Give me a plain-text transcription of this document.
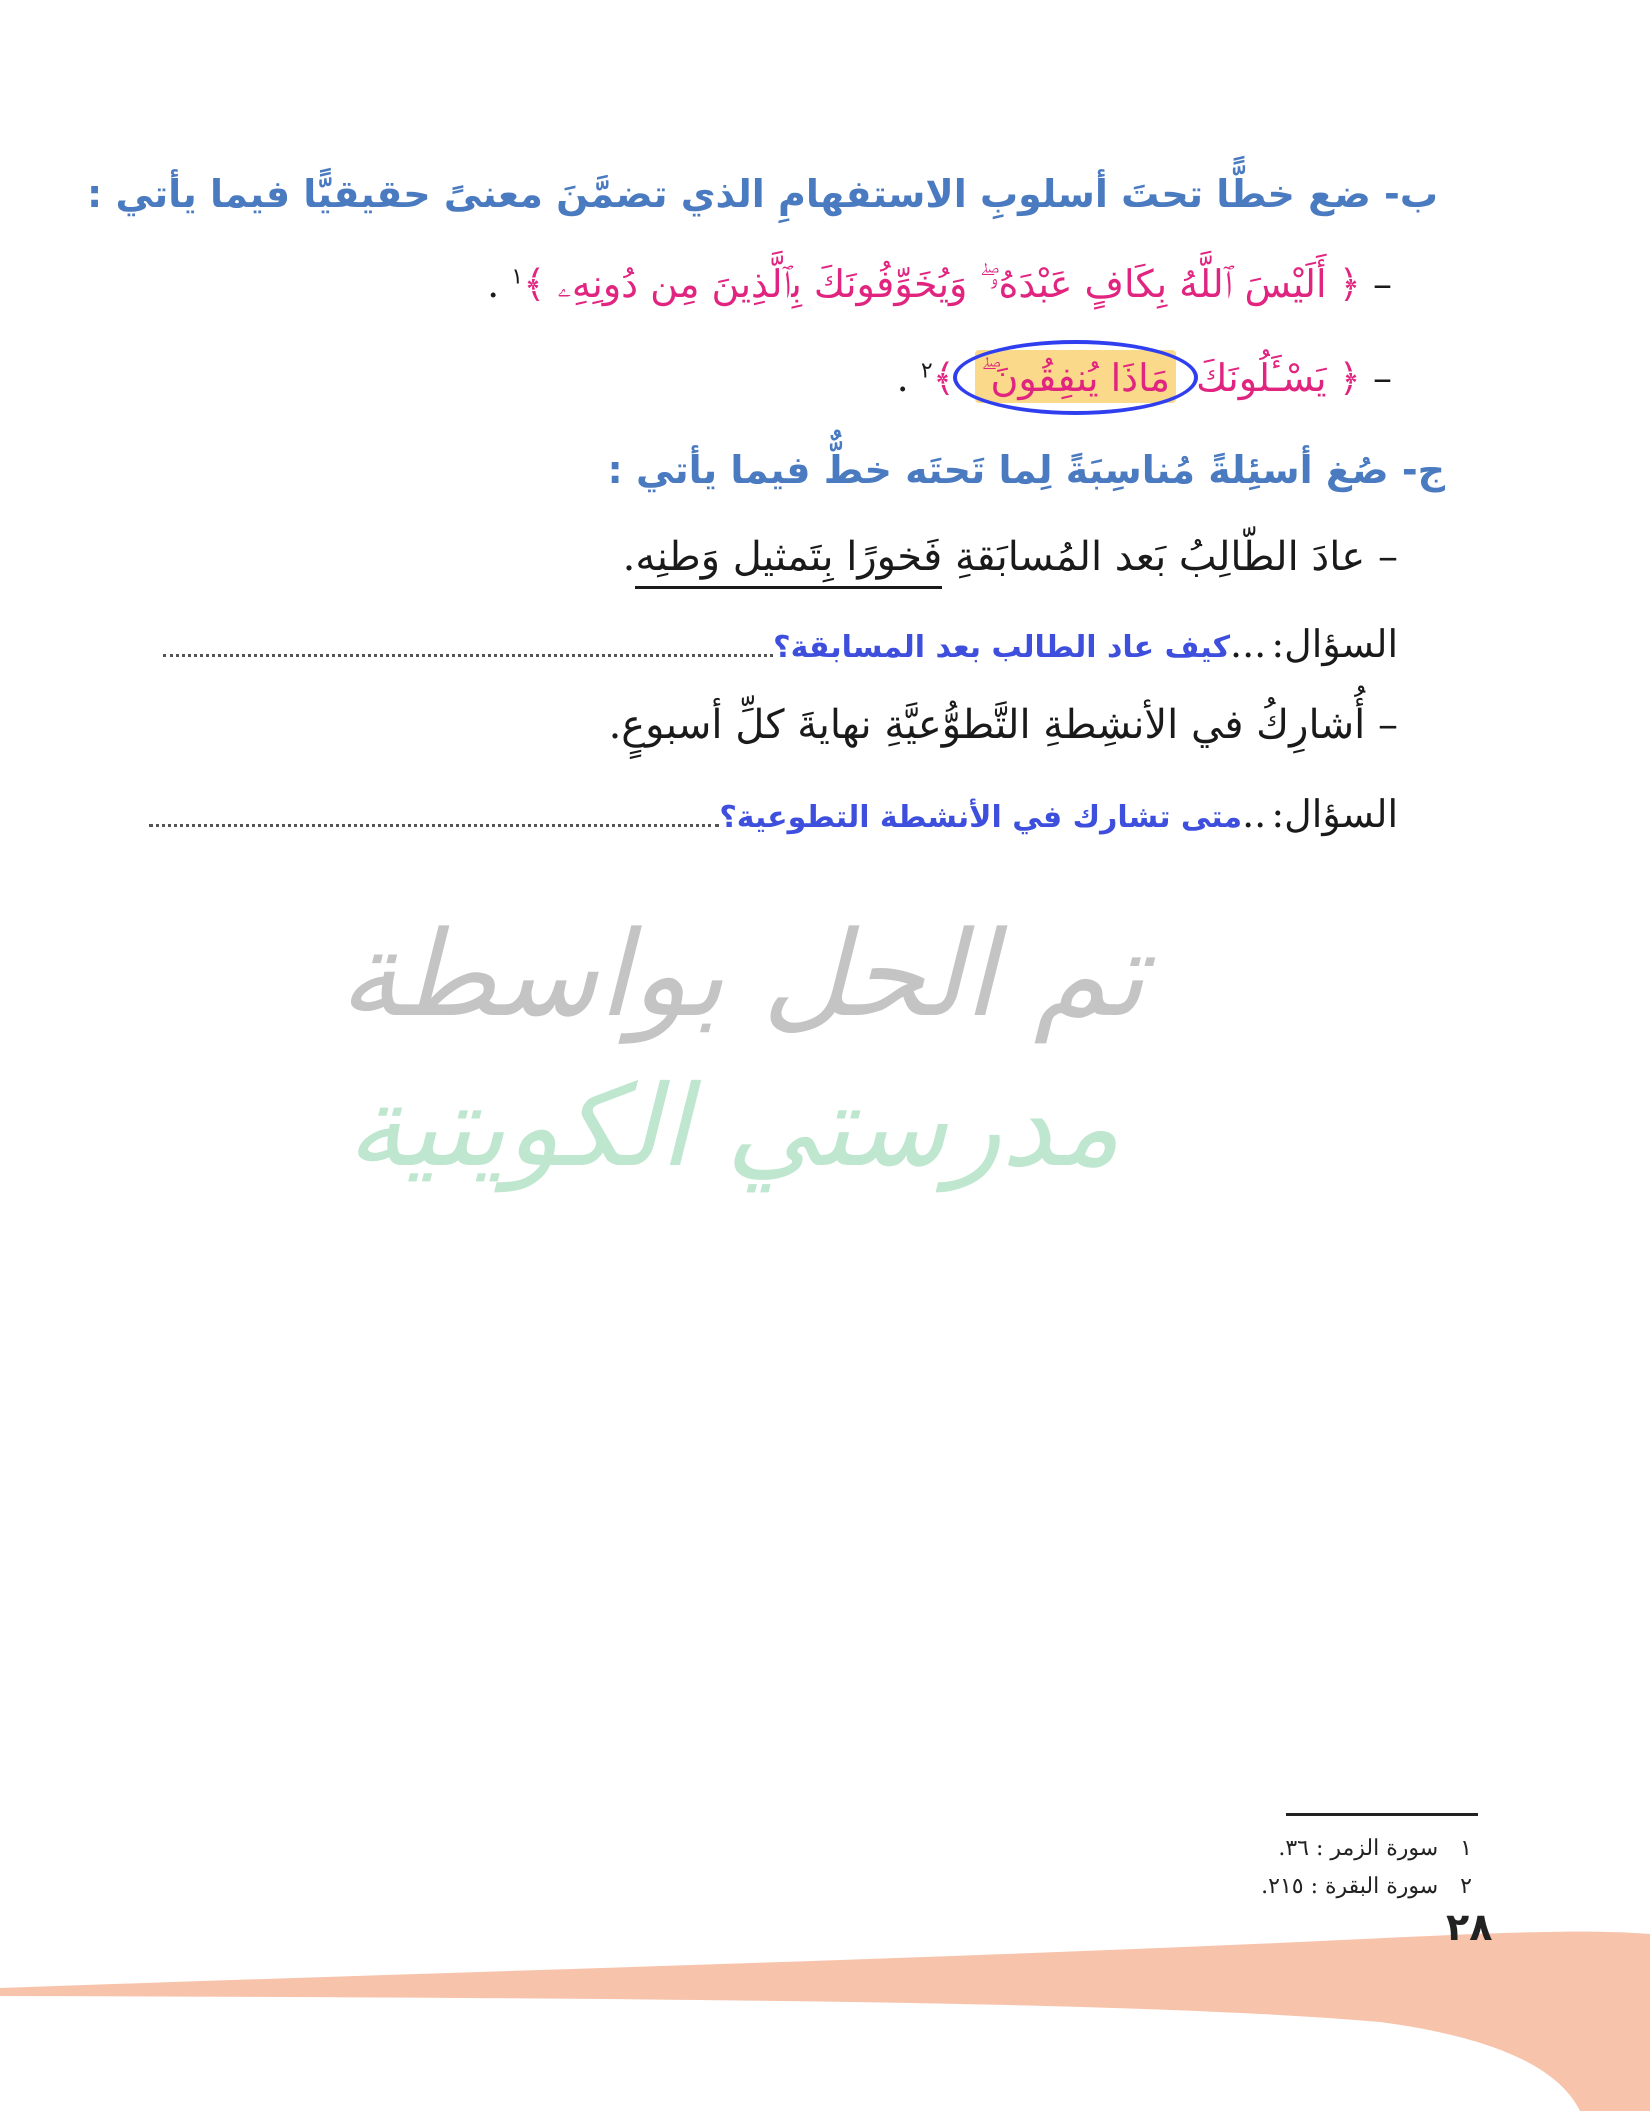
ب- ضع خطًّا تحتَ أسلوبِ الاستفهامِ الذي تضمَّنَ معنىً حقيقيًّا فيما يأتي :
– ﴿ أَلَيْسَ ٱللَّهُ بِكَافٍ عَبْدَهُۥ ۖ وَيُخَوِّفُونَكَ بِٱلَّذِينَ مِن دُونِهِۦ ﴾$^١$ .
– ﴿ يَسْـَٔلُونَكَ
مَاذَا يُنفِقُونَ ۖ ﴾$^٢$ .
ج- صُغ أسئِلةً مُناسِبَةً لِما تَحتَه خطٌّ فيما يأتي :
– عادَ الطّالِبُ بَعد المُسابَقةِ فَخورًا بِتَمثيل وَطنِه.
السؤال: ...كيف عاد الطالب بعد المسابقة؟
– أُشارِكُ في الأنشِطةِ التَّطوُّعيَّةِ نهايةَ كلِّ أسبوعٍ.
السؤال: ..متى تشارك في الأنشطة التطوعية؟
تم الحل بواسطة
مدرستي الكويتية
١سورة الزمر : ٣٦.
٢سورة البقرة : ٢١٥.
٢٨
